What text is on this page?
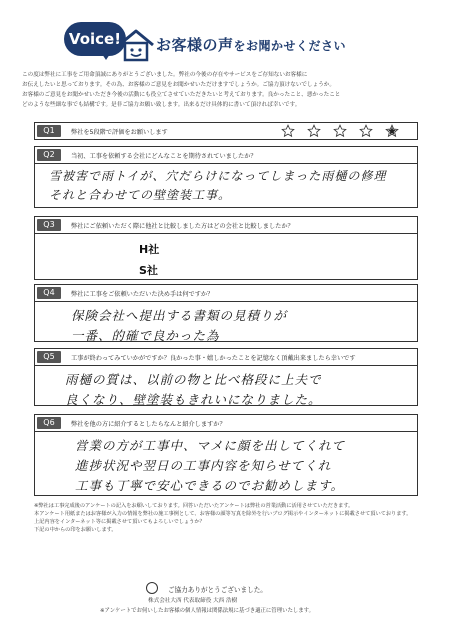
Voice!	お客様の声をお聞かせください
この度は弊社に工事をご用命頂誠にありがとうございました。弊社の今後の存在やサービスをご存知ないお客様に
お伝えしたいと思っております。その為、お客様のご意見をお聞かせいただけますでしょうか。ご協力頂けないでしょうか。
お客様のご意見をお聞かせいただき今後の活動にも役立てさせていただきたいと考えております。良かったこと、悪かったこと
どのような些細な事でも結構です。是非ご協力お願い致します。出来るだけ具体的に書いて頂ければ幸いです。
Q1	弊社を5段階で評価をお願いします
Q2	当初、工事を依頼する会社にどんなことを期待されていましたか？
雪被害で雨トイが、穴だらけになってしまった雨樋の修理
それと合わせての壁塗装工事。
Q3	弊社にご依頼いただく際に他社と比較しました方はどの会社と比較しましたか？
H社
S社
Q4	弊社に工事をご依頼いただいた決め手は何ですか？
保険会社へ提出する書類の見積りが
一番、的確で良かった為
Q5	工事が終わってみていかがですか？良かった事・嬉しかったことを記憶なく頂戴出来ましたら幸いです
雨樋の質は、以前の物と比べ格段に上夫で
良くなり、壁塗装もきれいになりました。
Q6	弊社を他の方に紹介するとしたらなんと紹介しますか？
営業の方が工事中、マメに顔を出してくれて
進捗状況や翌日の工事内容を知らせてくれ
工事も丁寧で安心できるのでお勧めします。
※弊社は工事完成後のアンケートの記入をお願いしております。回答いただいたアンケートは弊社の営業活動に活用させていただきます。
本アンケート用紙またはお客様が入力の情報を弊社の施工事例として、お客様の顔等写真を除外を行いブログ掲示やインターネットに掲載させて頂いております。
上記内容をインターネット等に掲載させて頂いてもよろしいでしょうか？
下記の中からの印をお願いします。
ご協力ありがとうございました。
株式会社大西 代表取締役 大西 浩樹
※アンケートでお伺いしたお客様の個人情報は関係法規に基づき適正に管理いたします。
